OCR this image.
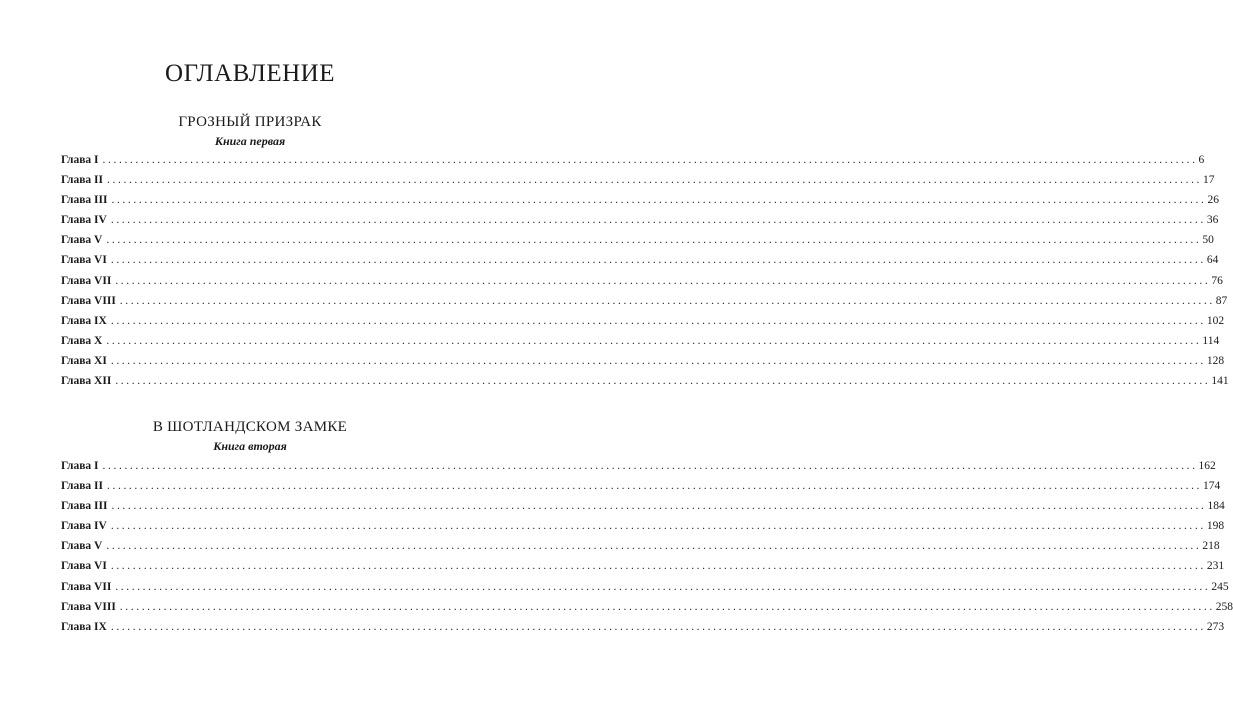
ОГЛАВЛЕНИЕ
ГРОЗНЫЙ ПРИЗРАК
Книга первая
Глава I ........................................................................................................................................................................................................ 6
Глава II ........................................................................................................................................................................................................ 17
Глава III ........................................................................................................................................................................................................ 26
Глава IV ........................................................................................................................................................................................................ 36
Глава V ........................................................................................................................................................................................................ 50
Глава VI ........................................................................................................................................................................................................ 64
Глава VII ........................................................................................................................................................................................................ 76
Глава VIII ........................................................................................................................................................................................................ 87
Глава IX ........................................................................................................................................................................................................ 102
Глава X ........................................................................................................................................................................................................ 114
Глава XI ........................................................................................................................................................................................................ 128
Глава XII ........................................................................................................................................................................................................ 141
В ШОТЛАНДСКОМ ЗАМКЕ
Книга вторая
Глава I ........................................................................................................................................................................................................ 162
Глава II ........................................................................................................................................................................................................ 174
Глава III ........................................................................................................................................................................................................ 184
Глава IV ........................................................................................................................................................................................................ 198
Глава V ........................................................................................................................................................................................................ 218
Глава VI ........................................................................................................................................................................................................ 231
Глава VII ........................................................................................................................................................................................................ 245
Глава VIII ........................................................................................................................................................................................................ 258
Глава IX ........................................................................................................................................................................................................ 273
